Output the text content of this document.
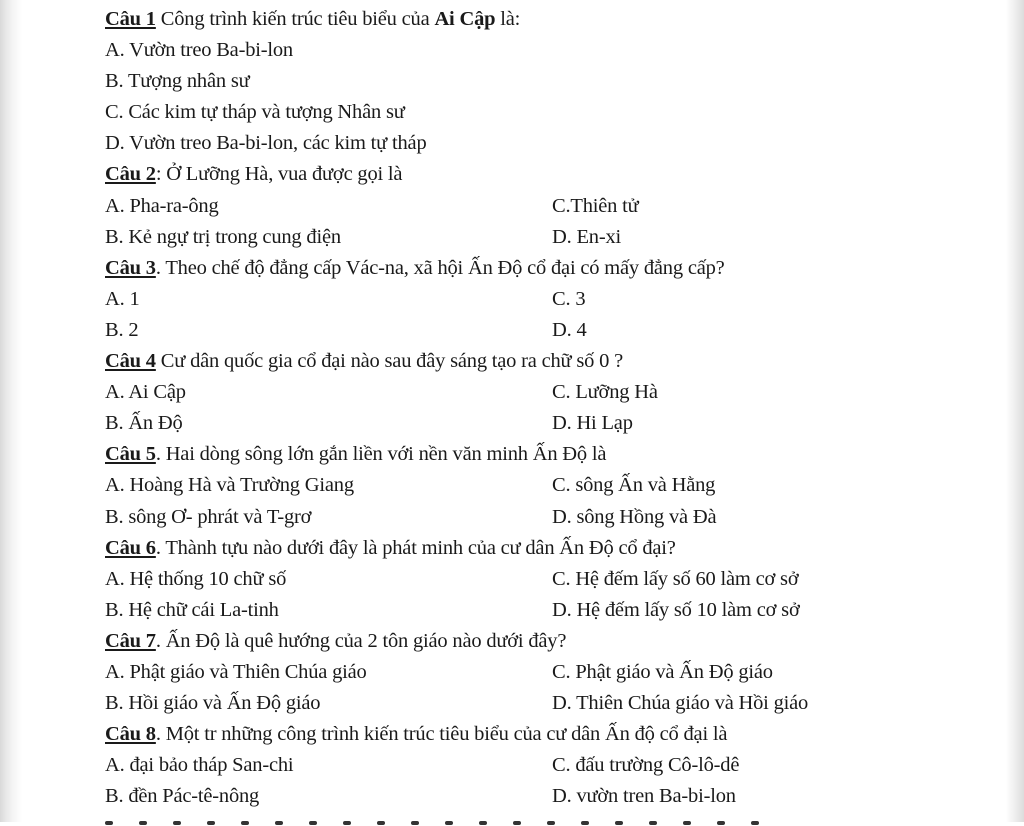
Câu 1 Công trình kiến trúc tiêu biểu của Ai Cập là:
A. Vườn treo Ba-bi-lon
B. Tượng nhân sư
C. Các kim tự tháp và tượng Nhân sư
D. Vườn treo Ba-bi-lon, các kim tự tháp
Câu 2: Ở Lưỡng Hà, vua được gọi là
A. Pha-ra-ông	C.Thiên tử
B. Kẻ ngự trị trong cung điện	D. En-xi
Câu 3. Theo chế độ đẳng cấp Vác-na, xã hội Ấn Độ cổ đại có mấy đẳng cấp?
A. 1	C. 3
B. 2	D. 4
Câu 4 Cư dân quốc gia cổ đại nào sau đây sáng tạo ra chữ số 0 ?
A. Ai Cập	C. Lưỡng Hà
B. Ấn Độ	D. Hi Lạp
Câu 5. Hai dòng sông lớn gắn liền với nền văn minh Ấn Độ là
A. Hoàng Hà và Trường Giang	C. sông Ấn và Hằng
B. sông Ơ- phrát và T-grơ	D. sông Hồng và Đà
Câu 6. Thành tựu nào dưới đây là phát minh của cư dân Ấn Độ cổ đại?
A. Hệ thống 10 chữ số	C. Hệ đếm lấy số 60 làm cơ sở
B. Hệ chữ cái La-tinh	D. Hệ đếm lấy số 10 làm cơ sở
Câu 7. Ấn Độ là quê hướng của 2 tôn giáo nào dưới đây?
A. Phật giáo và Thiên Chúa giáo	C. Phật giáo và Ấn Độ giáo
B. Hồi giáo và Ấn Độ giáo	D. Thiên Chúa giáo và Hồi giáo
Câu 8. Một tr những công trình kiến trúc tiêu biểu của cư dân Ấn độ cổ đại là
A. đại bảo tháp San-chi	C. đấu trường Cô-lô-dê
B. đền Pác-tê-nông	D. vườn tren Ba-bi-lon
